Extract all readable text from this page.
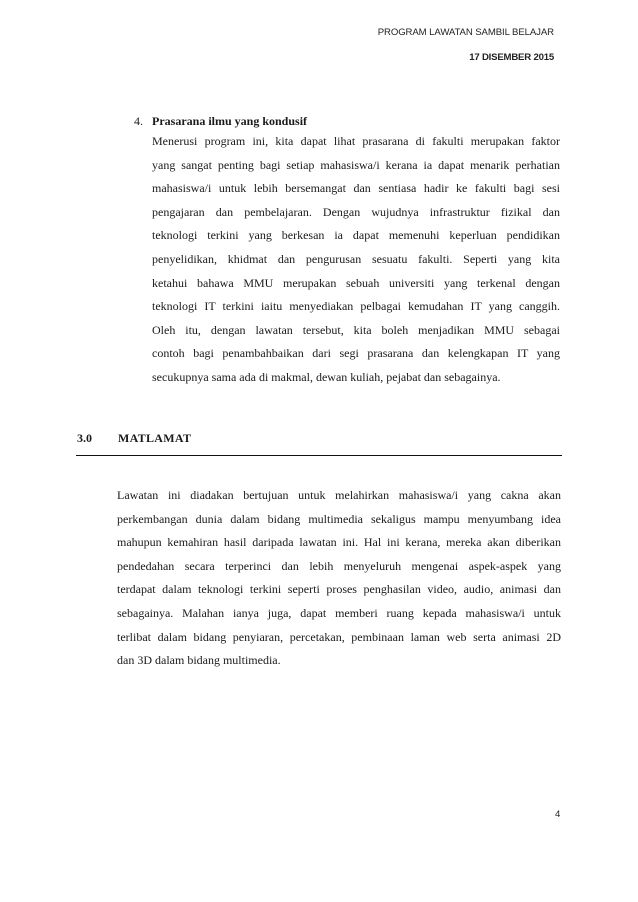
PROGRAM LAWATAN SAMBIL BELAJAR
17 DISEMBER 2015
4. Prasarana ilmu yang kondusif
Menerusi program ini, kita dapat lihat prasarana di fakulti merupakan faktor
yang sangat penting bagi setiap mahasiswa/i kerana ia dapat menarik perhatian
mahasiswa/i untuk lebih bersemangat dan sentiasa hadir ke fakulti bagi sesi
pengajaran dan pembelajaran. Dengan wujudnya infrastruktur fizikal dan
teknologi terkini yang berkesan ia dapat memenuhi keperluan pendidikan
penyelidikan, khidmat dan pengurusan sesuatu fakulti. Seperti yang kita
ketahui bahawa MMU merupakan sebuah universiti yang terkenal dengan
teknologi IT terkini iaitu menyediakan pelbagai kemudahan IT yang canggih.
Oleh itu, dengan lawatan tersebut, kita boleh menjadikan MMU sebagai
contoh bagi penambahbaikan dari segi prasarana dan kelengkapan IT yang
secukupnya sama ada di makmal, dewan kuliah, pejabat dan sebagainya.
3.0 MATLAMAT
Lawatan ini diadakan bertujuan untuk melahirkan mahasiswa/i yang cakna akan
perkembangan dunia dalam bidang multimedia sekaligus mampu menyumbang idea
mahupun kemahiran hasil daripada lawatan ini. Hal ini kerana, mereka akan diberikan
pendedahan secara terperinci dan lebih menyeluruh mengenai aspek-aspek yang
terdapat dalam teknologi terkini seperti proses penghasilan video, audio, animasi dan
sebagainya. Malahan ianya juga, dapat memberi ruang kepada mahasiswa/i untuk
terlibat dalam bidang penyiaran, percetakan, pembinaan laman web serta animasi 2D
dan 3D dalam bidang multimedia.
4
